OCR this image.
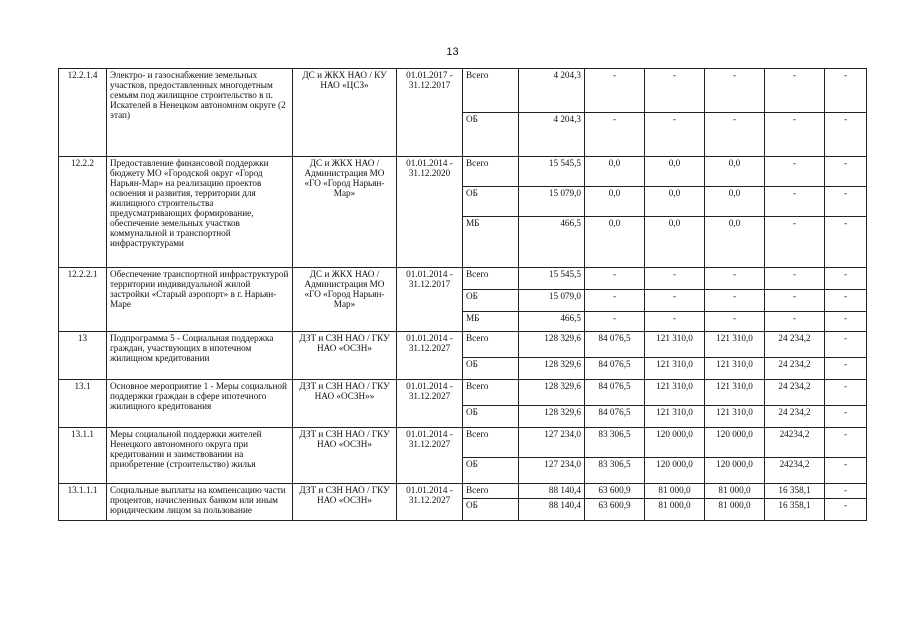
13
12.2.1.4	Электро- и газоснабжение земельных участков, предоставленных многодетным семьям под жилищное строительство в п. Искателей в Ненецком автономном округе (2 этап)	ДС и ЖКХ НАО / КУ НАО «ЦСЗ»	01.01.2017 - 31.12.2017	Всего	4 204,3	-	-	-	-	-	
				ОБ	4 204,3	-	-	-	-	-	
12.2.2	Предоставление финансовой поддержки бюджету МО «Городской округ «Город Нарьян-Мар» на реализацию проектов освоения и развития, территории для жилищного строительства предусматривающих формирование, обеспечение земельных участков коммунальной и транспортной инфраструктурами	ДС и ЖКХ НАО / Администрация МО «ГО «Город Нарьян-Мар»	01.01.2014 - 31.12.2020	Всего	15 545,5	0,0	0,0	0,0	-	-	
				ОБ	15 079,0	0,0	0,0	0,0	-	-	
				МБ	466,5	0,0	0,0	0,0	-	-	
12.2.2.1	Обеспечение транспортной инфраструктурой территории индивидуальной жилой застройки «Старый аэропорт» в г. Нарьян-Маре	ДС и ЖКХ НАО / Администрация МО «ГО «Город Нарьян-Мар»	01.01.2014 - 31.12.2017	Всего	15 545,5	-	-	-	-	-	
				ОБ	15 079,0	-	-	-	-	-	
				МБ	466,5	-	-	-	-	-	
13	Подпрограмма 5 - Социальная поддержка граждан, участвующих в ипотечном жилищном кредитовании	ДЗТ и СЗН НАО / ГКУ НАО «ОСЗН»	01.01.2014 - 31.12.2027	Всего	128 329,6	84 076,5	121 310,0	121 310,0	24 234,2	-	
				ОБ	128 329,6	84 076,5	121 310,0	121 310,0	24 234,2	-	
13.1	Основное мероприятие 1 - Меры социальной поддержки граждан в сфере ипотечного жилищного кредитования	ДЗТ и СЗН НАО / ГКУ НАО «ОСЗН»»	01.01.2014 - 31.12.2027	Всего	128 329,6	84 076,5	121 310,0	121 310,0	24 234,2	-	
				ОБ	128 329,6	84 076,5	121 310,0	121 310,0	24 234,2	-	
13.1.1	Меры социальной поддержки жителей Ненецкого автономного округа при кредитовании и заимствовании на приобретение (строительство) жилья	ДЗТ и СЗН НАО / ГКУ НАО «ОСЗН»	01.01.2014 - 31.12.2027	Всего	127 234,0	83 306,5	120 000,0	120 000,0	24234,2	-	
				ОБ	127 234,0	83 306,5	120 000,0	120 000,0	24234,2	-	
13.1.1.1	Социальные выплаты на компенсацию части процентов, начисленных банком или иным юридическим лицом за пользование	ДЗТ и СЗН НАО / ГКУ НАО «ОСЗН»	01.01.2014 - 31.12.2027	Всего	88 140,4	63 600,9	81 000,0	81 000,0	16 358,1	-	
				ОБ	88 140,4	63 600,9	81 000,0	81 000,0	16 358,1	-	
